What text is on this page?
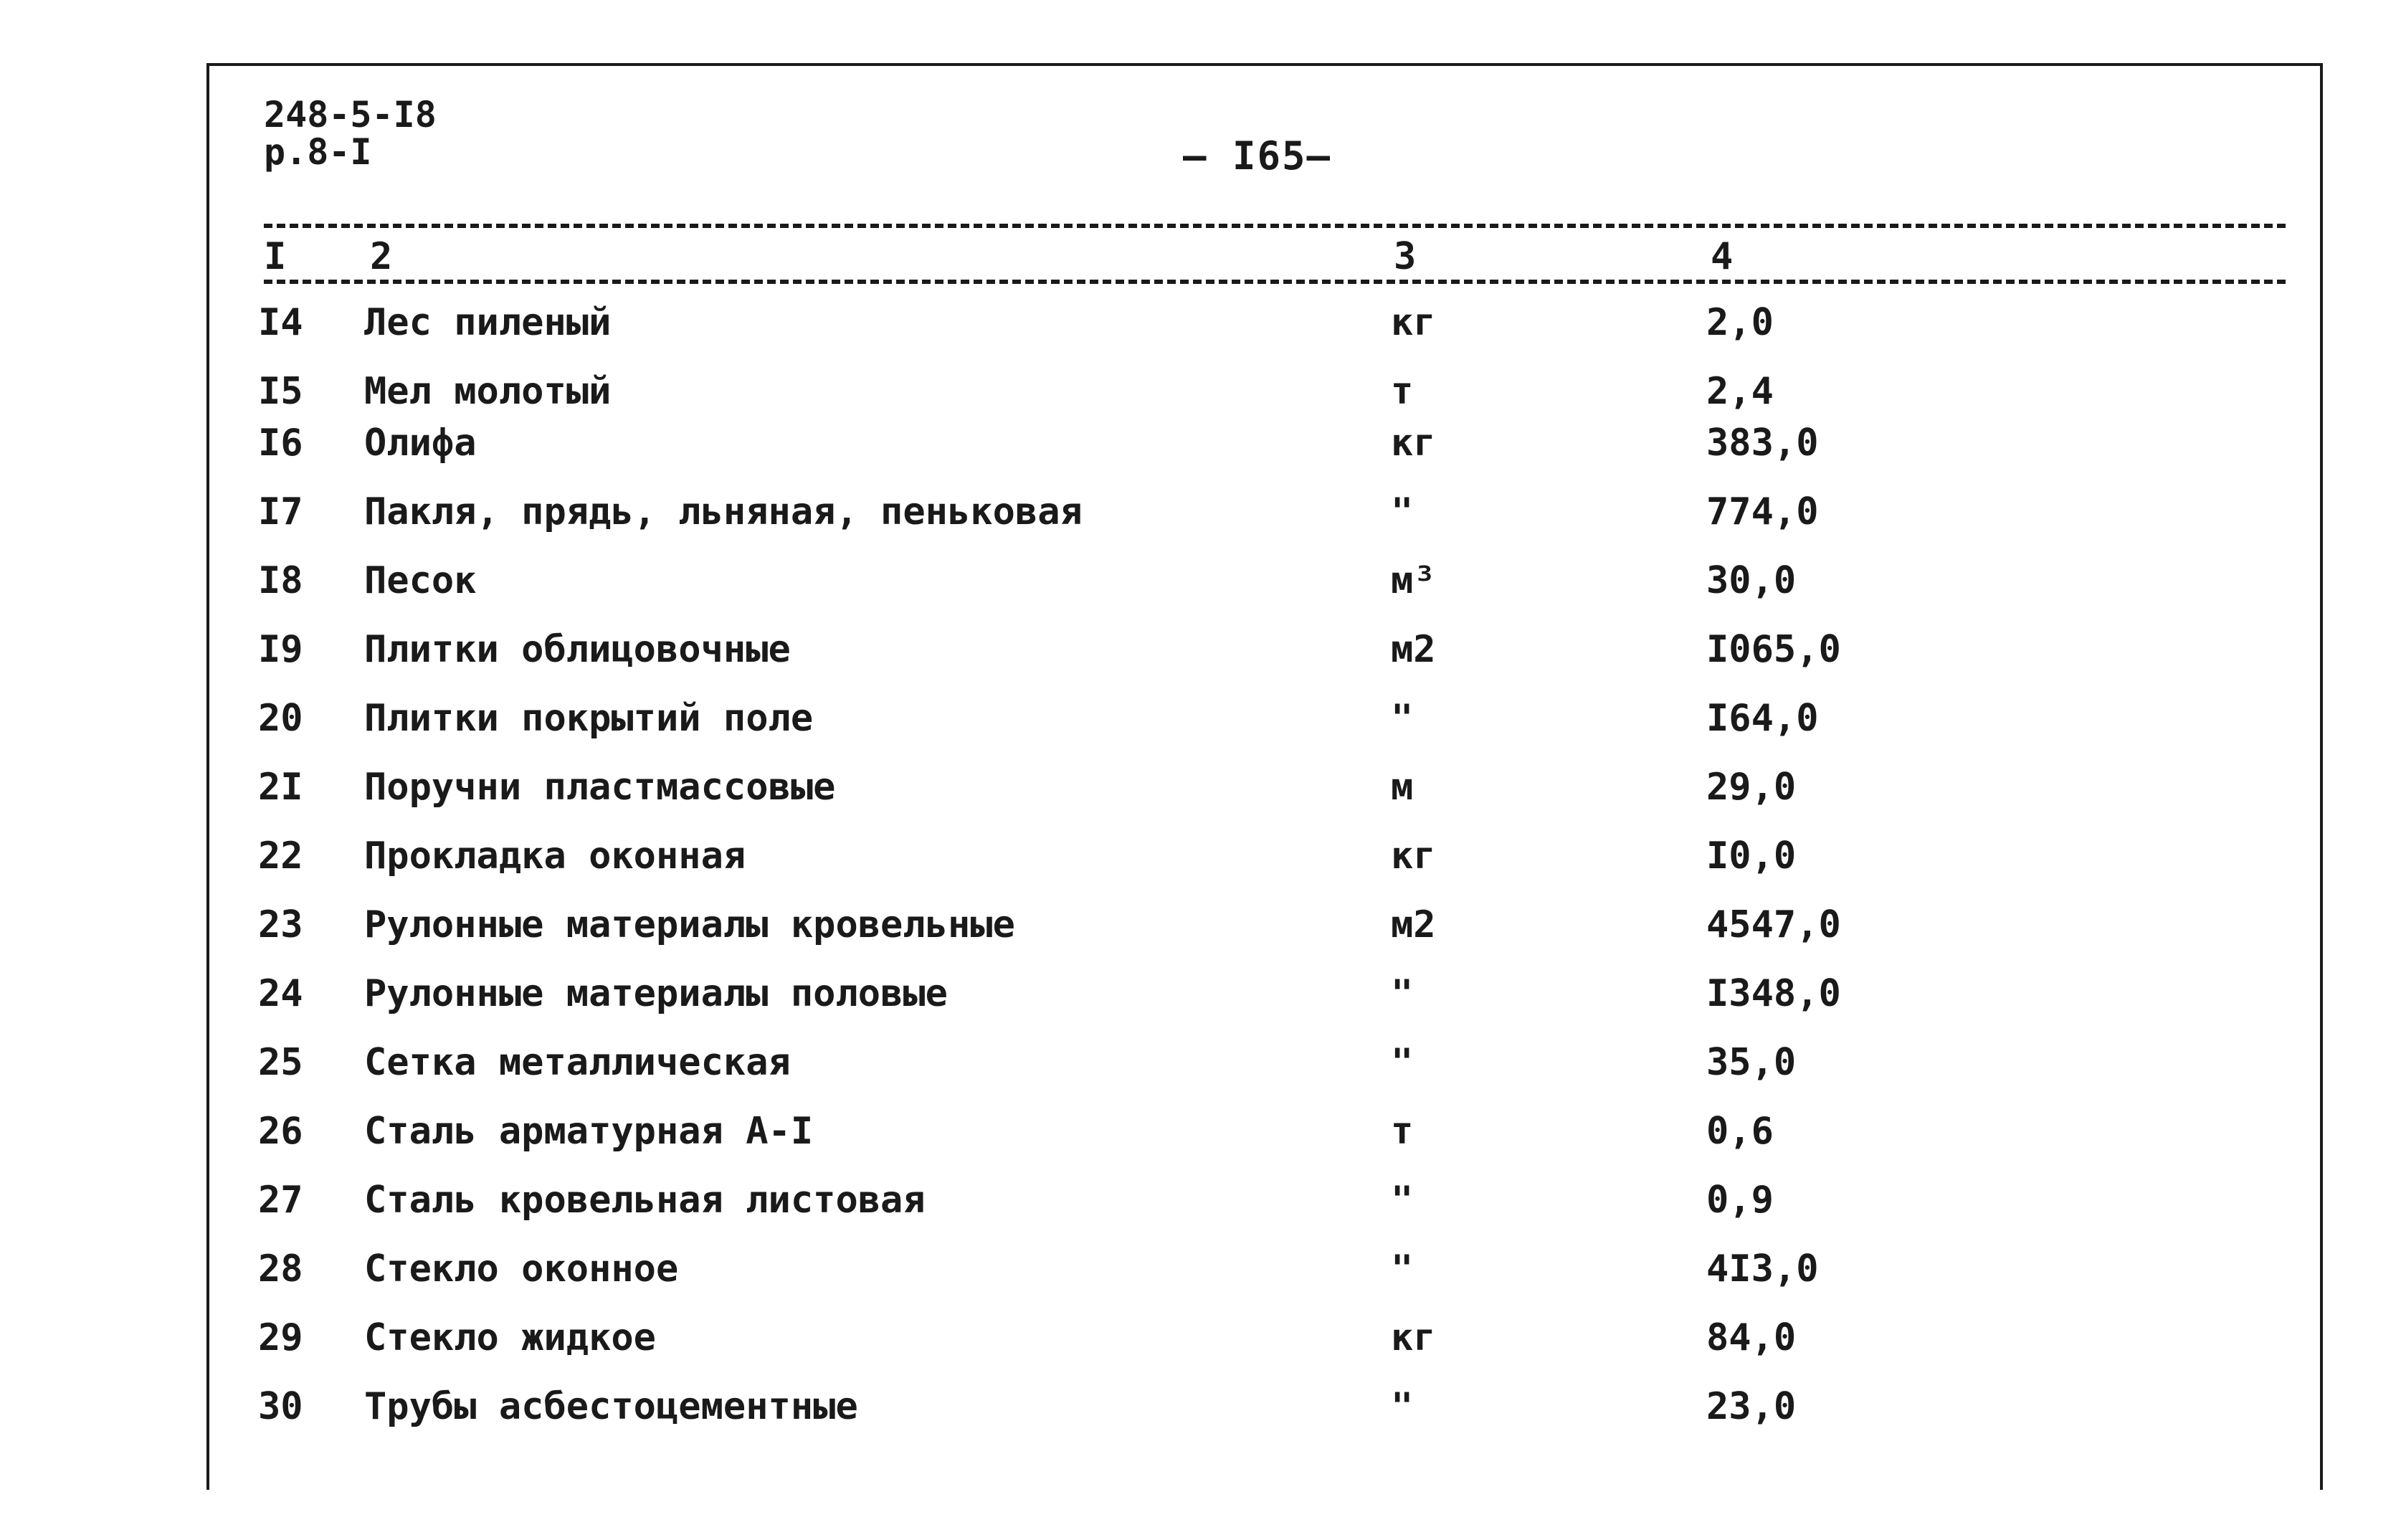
248-5-I8
р.8-I	— I65—
I 2	3	4
I4 Лес пиленый	кг	2,0
I5 Мел молотый	т	2,4
I6 Олифа	кг	383,0
I7 Пакля, прядь, льняная, пеньковая	"	774,0
I8 Песок	м³	30,0
I9 Плитки облицовочные	м2	I065,0
20 Плитки покрытий поле	"	I64,0
2I Поручни пластмассовые	м	29,0
22 Прокладка оконная	кг	I0,0
23 Рулонные материалы кровельные	м2	4547,0
24 Рулонные материалы половые	"	I348,0
25 Сетка металлическая	"	35,0
26 Сталь арматурная А-I	т	0,6
27 Сталь кровельная листовая	"	0,9
28 Стекло оконное	"	4I3,0
29 Стекло жидкое	кг	84,0
30 Трубы асбестоцементные	"	23,0
